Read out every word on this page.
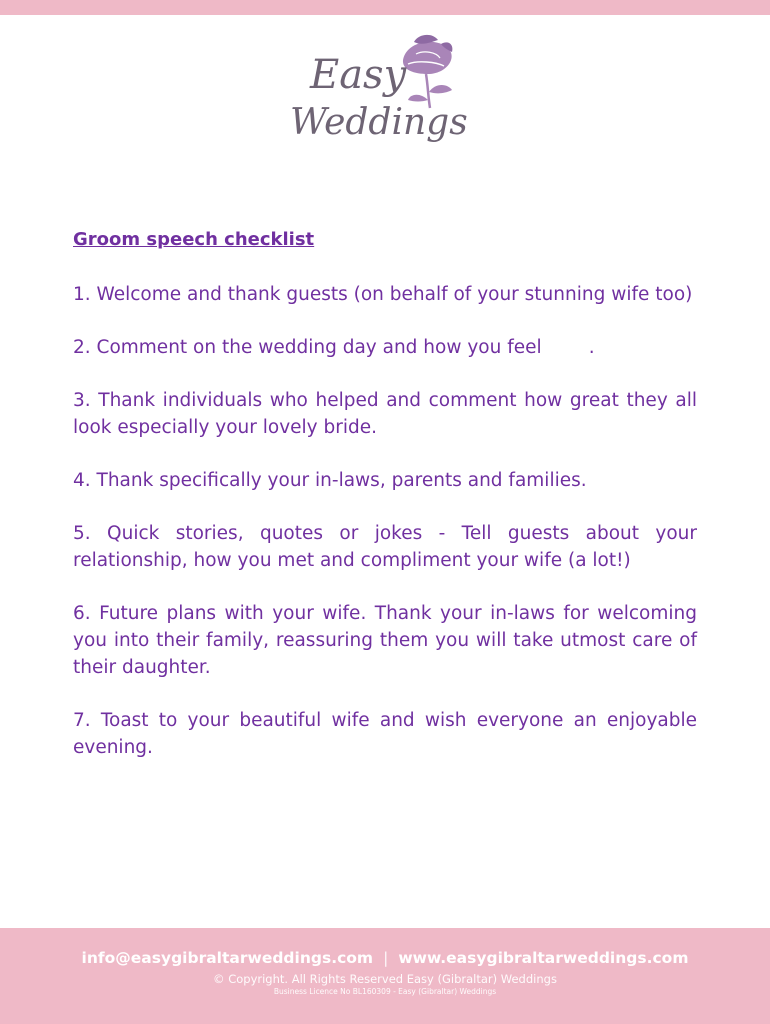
Easy
Weddings
Groom speech checklist
1. Welcome and thank guests (on behalf of your stunning wife too)
2. Comment on the wedding day and how you feel        .
3. Thank individuals who helped and comment how great they all look especially your lovely bride.
4. Thank specifically your in-laws, parents and families.
5. Quick stories, quotes or jokes - Tell guests about your relationship, how you met and compliment your wife (a lot!)
6. Future plans with your wife. Thank your in-laws for welcoming you into their family, reassuring them you will take utmost care of their daughter.
7. Toast to your beautiful wife and wish everyone an enjoyable evening.
info@easygibraltarweddings.com | www.easygibraltarweddings.com
© Copyright. All Rights Reserved Easy (Gibraltar) Weddings
Business Licence No BL160309 - Easy (Gibraltar) Weddings
